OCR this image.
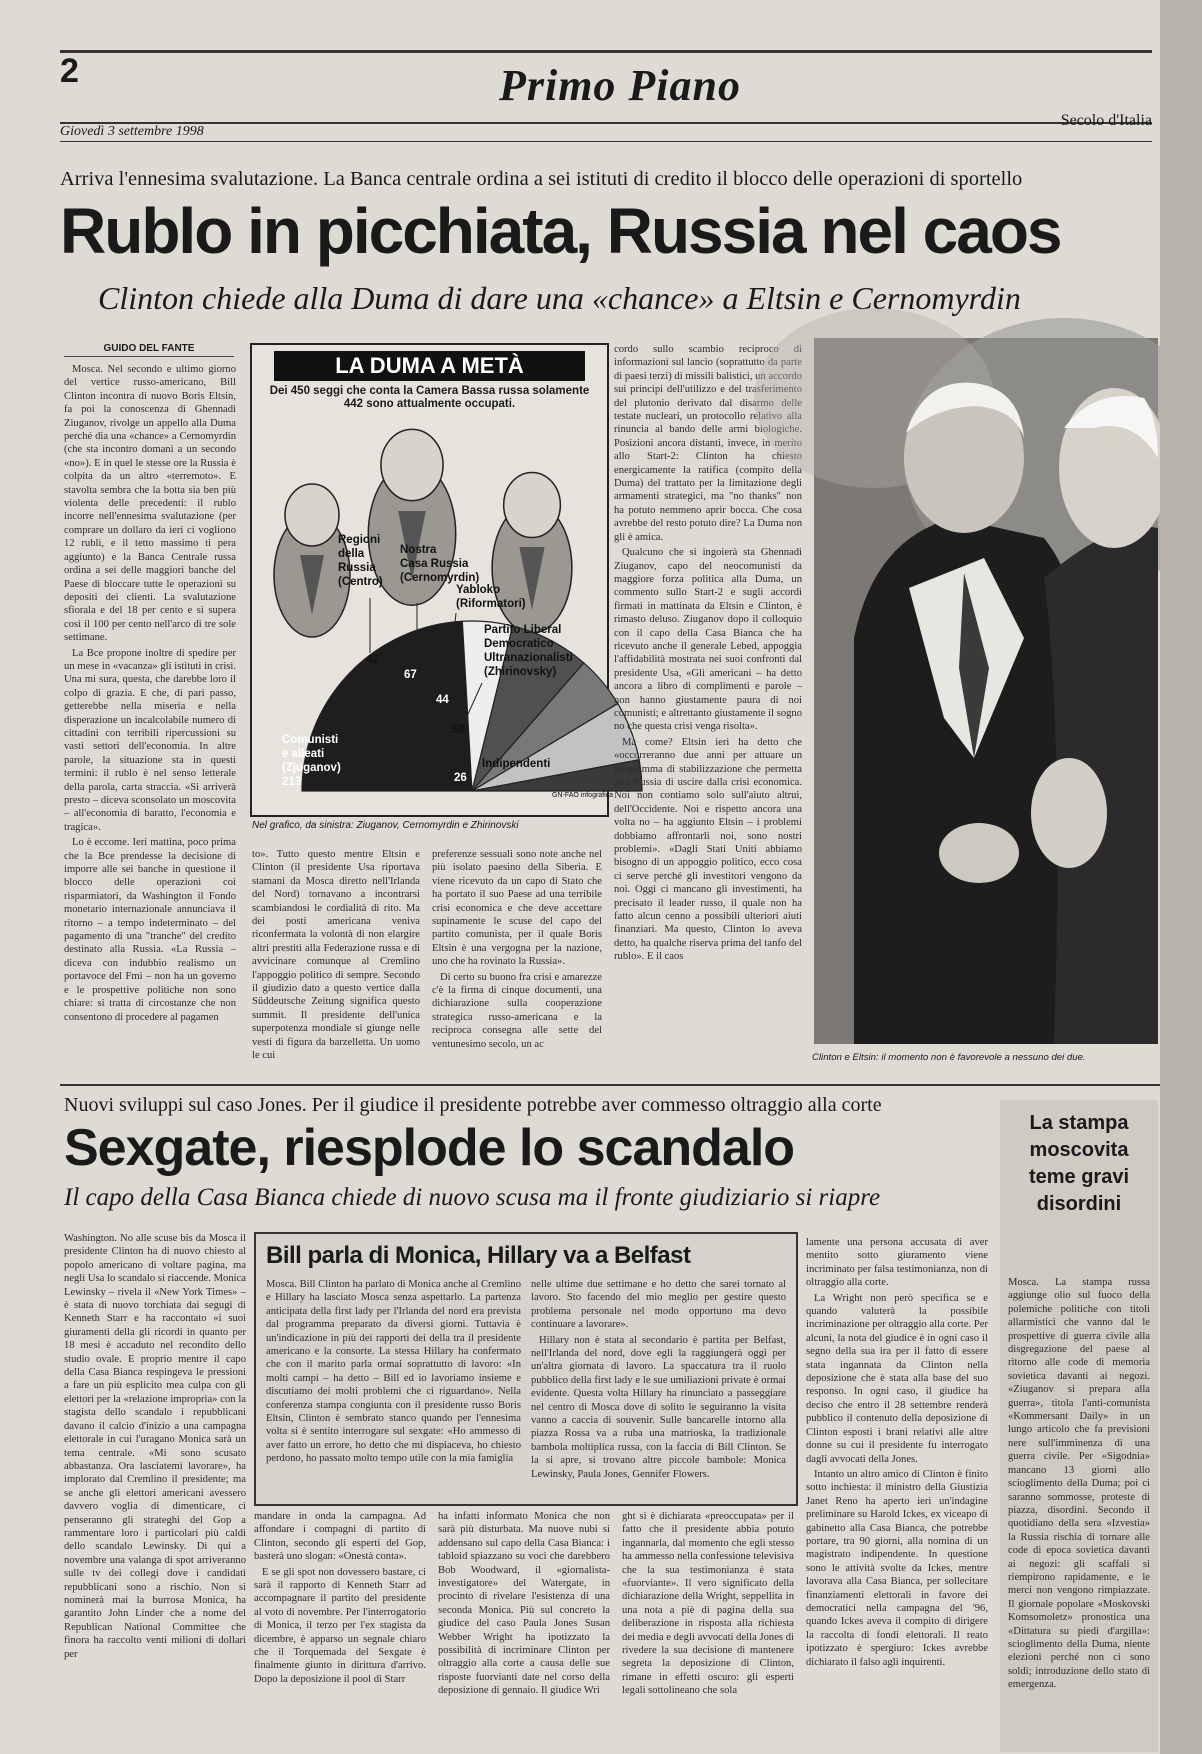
2	Primo Piano
Giovedì 3 settembre 1998
Secolo d'Italia
Arriva l'ennesima svalutazione. La Banca centrale ordina a sei istituti di credito il blocco delle operazioni di sportello
Rublo in picchiata, Russia nel caos
Clinton chiede alla Duma di dare una «chance» a Eltsin e Cernomyrdin
GUIDO DEL FANTE

Mosca. Nel secondo e ultimo giorno del vertice russo-americano, Bill Clinton incontra di nuovo Boris Eltsin, fa poi la conoscenza di Ghennadi Ziuganov, rivolge un appello alla Duma perché dia una «chance» a Cernomyrdin (che sta incontro domani a un secondo «no»). E in quel le stesse ore la Russia è colpita da un altro «terremoto». E stavolta sembra che la botta sia ben più violenta delle precedenti: il rublo incorre nell'ennesima svalutazione (per comprare un dollaro da ieri ci vogliono 12 rubli, e il tetto massimo ti pera aggiunto) e la Banca Centrale russa ordina a sei delle maggiori banche del Paese di bloccare tutte le operazioni su depositi dei clienti. La svalutazione sfiorala e del 18 per cento e si supera così il 100 per cento nell'arco di tre sole settimane.

La Bce propone inoltre di spedire per un mese in «vacanza» gli istituti in crisi. Una mi sura, questa, che darebbe loro il colpo di grazia. E che, di pari passo, getterebbe nella miseria e nella disperazione un incalcolabile numero di cittadini con terribili ripercussioni su vasti settori dell'economia. In altre parole, la situazione sta in questi termini: il rublo è nel senso letterale della parola, carta straccia. «Si arriverà presto – diceva sconsolato un moscovita – all'economia di baratto, l'economia e tragica».

Lo è eccome. Ieri mattina, poco prima che la Bce prendesse la decisione di imporre alle sei banche in questione il blocco delle operazioni coi risparmiatori, da Washington il Fondo monetario internazionale annunciava il ritorno – a tempo indeterminato – del pagamento di una "tranche" del credito destinato alla Russia. «La Russia – diceva con indubbio realismo un portavoce del Fmi – non ha un governo e le prospettive politiche non sono chiare: si tratta di circostanze che non consentono di procedere al pagamen

LA DUMA A METÀ
Dei 450 seggi che conta la Camera Bassa russa solamente 442 sono attualmente occupati.
Comunisti
e alleati
(Zjuganov)
213
Regioni
della
Russia
(Centro)
42
Nostra
Casa Russia
(Cernomyrdin)
67
Yabloko
(Riformatori)
44
Partito Liberal
Democratico
Ultranazionalisti
(Zhirinovsky)
50
Indipendenti
26
GN-FAO infografica
Nel grafico, da sinistra: Ziuganov, Cernomyrdin e Zhirinovski

to». Tutto questo mentre Eltsin e Clinton (il presidente Usa riportava stamani da Mosca diretto nell'Irlanda del Nord) tornavano a incontrarsi scambiandosi le cordialità di rito. Ma dei posti americana veniva riconfermata la volontà di non elargire altri prestiti alla Federazione russa e di avvicinare comunque al Cremlino l'appoggio politico di sempre. Secondo il giudizio dato a questo vertice dalla Süddeutsche Zeitung significa questo summit. Il presidente dell'unica superpotenza mondiale si giunge nelle vesti di figura da barzelletta. Un uomo le cui

preferenze sessuali sono note anche nel più isolato paesino della Siberia. E viene ricevuto da un capo di Stato che ha portato il suo Paese ad una terribile crisi economica e che deve accettare supinamente le scuse del capo del partito comunista, per il quale Boris Eltsin è una vergogna per la nazione, uno che ha rovinato la Russia».

Di certo su buono fra crisi e amarezze c'è la firma di cinque documenti, una dichiarazione sulla cooperazione strategica russo-americana e la reciproca consegna alle sette del ventunesimo secolo, un ac

cordo sullo scambio reciproco di informazioni sul lancio (soprattutto da parte di paesi terzi) di missili balistici, un accordo sui principi dell'utilizzo e del trasferimento del plutonio derivato dal disarmo delle testate nucleari, un protocollo relativo alla rinuncia al bando delle armi biologiche. Posizioni ancora distanti, invece, in merito allo Start-2: Clinton ha chiesto energicamente la ratifica (compito della Duma) del trattato per la limitazione degli armamenti strategici, ma "no thanks" non ha potuto nemmeno aprir bocca. Che cosa avrebbe del resto potuto dire? La Duma non gli è amica.

Qualcuno che si ingoierà sta Ghennadi Ziuganov, capo del neocomunisti da maggiore forza politica alla Duma, un commento sullo Start-2 e sugli accordi firmati in mattinata da Eltsin e Clinton, è rimasto deluso. Ziuganov dopo il colloquio con il capo della Casa Bianca che ha ricevuto anche il generale Lebed, appoggia l'affidabilità mostrata nei suoi confronti dal presidente Usa, «Gli americani – ha detto ancora a libro di complimenti e parole – non hanno giustamente paura di noi comunisti; e altrettanto giustamente il sogno no che questa crisi venga risolta».

Ma come? Eltsin ieri ha detto che «occorreranno due anni per attuare un programma di stabilizzazione che permetta alla Russia di uscire dalla crisi economica. Noi non contiamo solo sull'aiuto altrui, dell'Occidente. Noi e rispetto ancora una volta no – ha aggiunto Eltsin – i problemi dobbiamo affrontarli noi, sono nostri problemi». «Dagli Stati Uniti abbiamo bisogno di un appoggio politico, ecco cosa ci serve perché gli investitori vengono da noi. Oggi ci mancano gli investimenti, ha precisato il leader russo, il quale non ha fatto alcun cenno a possibili ulteriori aiuti finanziari. Ma questo, Clinton lo aveva detto, ha qualche riserva prima del tanfo del rublo». E il caos

Clinton e Eltsin: il momento non è favorevole a nessuno dei due.
Nuovi sviluppi sul caso Jones. Per il giudice il presidente potrebbe aver commesso oltraggio alla corte
Sexgate, riesplode lo scandalo
Il capo della Casa Bianca chiede di nuovo scusa ma il fronte giudiziario si riapre

Washington. No alle scuse bis da Mosca il presidente Clinton ha di nuovo chiesto al popolo americano di voltare pagina, ma negli Usa lo scandalo si riaccende. Monica Lewinsky – rivela il «New York Times» – è stata di nuovo torchiata dai segugi di Kenneth Starr e ha raccontato «i suoi giuramenti della gli ricordi in quanto per 18 mesi è accaduto nel recondito dello studio ovale. E proprio mentre il capo della Casa Bianca respingeva le pressioni a fare un più esplicito mea culpa con gli elettori per la «relazione impropria» con la stagista dello scandalo i repubblicani davano il calcio d'inizio a una campagna elettorale in cui l'uragano Monica sarà un tema centrale. «Mi sono scusato abbastanza. Ora lasciatemi lavorare», ha implorato dal Cremlino il presidente; ma se anche gli elettori americani avessero davvero voglia di dimenticare, ci penseranno gli strateghi del Gop a rammentare loro i particolari più caldi dello scandalo Lewinsky. Di qui a novembre una valanga di spot arriveranno sulle tv dei collegi dove i candidati repubblicani sono a rischio. Non si nominerà mai la burrosa Monica, ha garantito John Linder che a nome del Republican National Committee che finora ha raccolto venti milioni di dollari per

Bill parla di Monica, Hillary va a Belfast

Mosca. Bill Clinton ha parlato di Monica anche al Cremlino e Hillary ha lasciato Mosca senza aspettarlo. La partenza anticipata della first lady per l'Irlanda del nord era prevista dal programma preparato da diversi giorni. Tuttavia è un'indicazione in più dei rapporti dei della tra il presidente americano e la consorte. La stessa Hillary ha confermato che con il marito parla ormai soprattutto di lavoro: «In molti campi – ha detto – Bill ed io lavoriamo insieme e discutiamo dei molti problemi che ci riguardano». Nella conferenza stampa congiunta con il presidente russo Boris Eltsin, Clinton è sembrato stanco quando per l'ennesima volta si è sentito interrogare sul sexgate: «Ho ammesso di aver fatto un errore, ho detto che mi dispiaceva, ho chiesto perdono, ho passato molto tempo utile con la mia famiglia

nelle ultime due settimane e ho detto che sarei tornato al lavoro. Sto facendo del mio meglio per gestire questo problema personale nel modo opportuno ma devo continuare a lavorare».

Hillary non è stata al secondario è partita per Belfast, nell'Irlanda del nord, dove egli la raggiungerà oggi per un'altra giornata di lavoro. La spaccatura tra il ruolo pubblico della first lady e le sue umiliazioni private è ormai evidente. Questa volta Hillary ha rinunciato a passeggiare nel centro di Mosca dove di solito le seguiranno la visita vanno a caccia di souvenir. Sulle bancarelle intorno alla piazza Rossa va a ruba una matrioska, la tradizionale bambola moltiplica russa, con la faccia di Bill Clinton. Se la si apre, si trovano altre piccole bambole: Monica Lewinsky, Paula Jones, Gennifer Flowers.

mandare in onda la campagna. Ad affondare i compagni di partito di Clinton, secondo gli esperti del Gop, basterà uno slogan: «Onestà conta».

E se gli spot non dovessero bastare, ci sarà il rapporto di Kenneth Starr ad accompagnare il partito del presidente al voto di novembre. Per l'interrogatorio di Monica, il terzo per l'ex stagista da dicembre, è apparso un segnale chiaro che il Torquemada del Sexgate è finalmente giunto in dirittura d'arrivo. Dopo la deposizione il pool di Starr

ha infatti informato Monica che non sarà più disturbata. Ma nuove nubi si addensano sul capo della Casa Bianca: i tabloid spiazzano su voci che darebbero Bob Woodward, il «giornalista-investigatore» del Watergate, in procinto di rivelare l'esistenza di una seconda Monica. Più sul concreto la giudice del caso Paula Jones Susan Webber Wright ha ipotizzato la possibilità di incriminare Clinton per oltraggio alla corte a causa delle sue risposte fuorvianti date nel corso della deposizione di gennaio. Il giudice Wri

ght si è dichiarata «preoccupata» per il fatto che il presidente abbia potuto ingannarla, dal momento che egli stesso ha ammesso nella confessione televisiva che la sua testimonianza è stata «fuorviante». Il vero significato della dichiarazione della Wright, seppellita in una nota a piè di pagina della sua deliberazione in risposta alla richiesta dei media e degli avvocati della Jones di rivedere la sua decisione di mantenere segreta la deposizione di Clinton, rimane in effetti oscuro: gli esperti legali sottolineano che sola

lamente una persona accusata di aver mentito sotto giuramento viene incriminato per falsa testimonianza, non di oltraggio alla corte.

La Wright non però specifica se e quando valuterà la possibile incriminazione per oltraggio alla corte. Per alcuni, la nota del giudice è in ogni caso il segno della sua ira per il fatto di essere stata ingannata da Clinton nella deposizione che è stata alla base del suo responso. In ogni caso, il giudice ha deciso che entro il 28 settembre renderà pubblico il contenuto della deposizione di Clinton esposti i brani relativi alle altre donne su cui il presidente fu interrogato dagli avvocati della Jones.

Intanto un altro amico di Clinton è finito sotto inchiesta: il ministro della Giustizia Janet Reno ha aperto ieri un'indagine preliminare su Harold Ickes, ex viceapo di gabinetto alla Casa Bianca, che potrebbe portare, tra 90 giorni, alla nomina di un magistrato indipendente. In questione sono le attività svolte da Ickes, mentre lavorava alla Casa Bianca, per sollecitare finanziamenti elettorali in favore dei democratici nella campagna del '96, quando Ickes aveva il compito di dirigere la raccolta di fondi elettorali. Il reato ipotizzato è spergiuro: Ickes avrebbe dichiarato il falso agli inquirenti.

La stampa moscovita teme gravi disordini
Mosca. La stampa russa aggiunge olio sul fuoco della polemiche politiche con titoli allarmistici che vanno dal le prospettive di guerra civile alla disgregazione del paese al ritorno alle code di memoria sovietica davanti ai negozi. «Ziuganov si prepara alla guerra», titola l'anti-comunista «Kommersant Daily» in un lungo articolo che fa previsioni nere sull'imminenza di una guerra civile. Per «Sigodnia» mancano 13 giorni allo scioglimento della Duma; poi ci saranno sommosse, proteste di piazza, disordini. Secondo il quotidiano della sera «Izvestia» la Russia rischia di tornare alle code di epoca sovietica davanti ai negozi: gli scaffali si riempirono rapidamente, e le merci non vengono rimpiazzate. Il giornale popolare «Moskovski Komsomoletz» pronostica una «Dittatura su piedi d'argilla»: scioglimento della Duma, niente elezioni perché non ci sono soldi; introduzione dello stato di emergenza.
